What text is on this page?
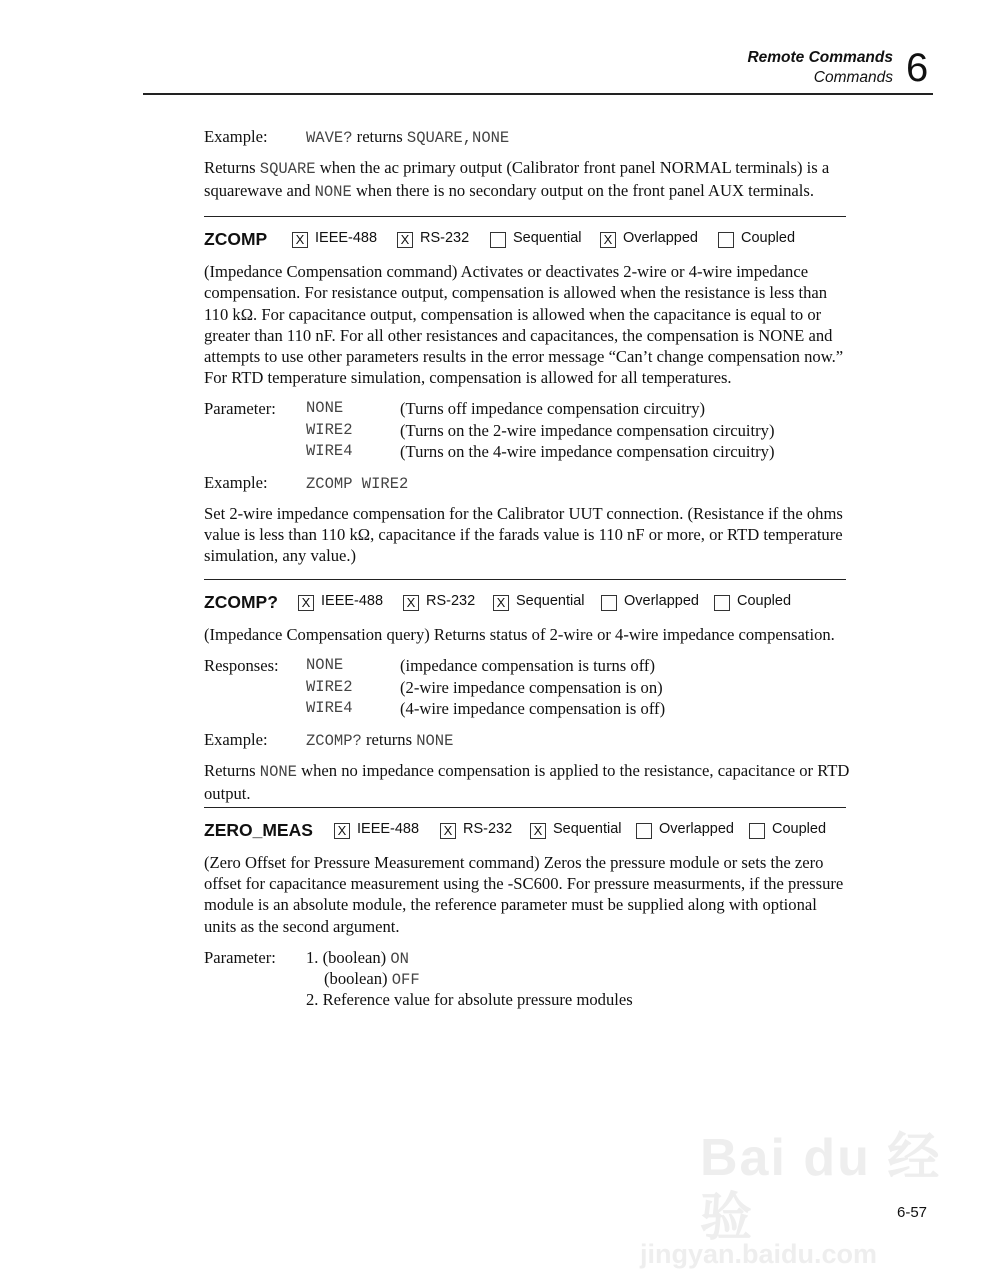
Remote Commands
Commands 6
Bai du 经验
jingyan.baidu.com
Example: WAVE? returns SQUARE,NONE
Returns SQUARE when the ac primary output (Calibrator front panel NORMAL terminals) is a squarewave and NONE when there is no secondary output on the front panel AUX terminals.
ZCOMP X IEEE-488 X RS-232	Sequential X Overlapped	Coupled
(Impedance Compensation command) Activates or deactivates 2-wire or 4-wire impedance compensation. For resistance output, compensation is allowed when the resistance is less than 110 kΩ. For capacitance output, compensation is allowed when the capacitance is equal to or greater than 110 nF. For all other resistances and capacitances, the compensation is NONE and attempts to use other parameters results in the error message “Can’t change compensation now.” For RTD temperature simulation, compensation is allowed for all temperatures.
Parameter: NONE	(Turns off impedance compensation circuitry)
WIRE2	(Turns on the 2-wire impedance compensation circuitry)
WIRE4	(Turns on the 4-wire impedance compensation circuitry)
Example: ZCOMP WIRE2
Set 2-wire impedance compensation for the Calibrator UUT connection. (Resistance if the ohms value is less than 110 kΩ, capacitance if the farads value is 110 nF or more, or RTD temperature simulation, any value.)
ZCOMP? X IEEE-488 X RS-232 X Sequential	Overlapped	Coupled
(Impedance Compensation query) Returns status of 2-wire or 4-wire impedance compensation.
Responses: NONE	(impedance compensation is turns off)
WIRE2	(2-wire impedance compensation is on)
WIRE4	(4-wire impedance compensation is off)
Example: ZCOMP? returns NONE
Returns NONE when no impedance compensation is applied to the resistance, capacitance or RTD output.
ZERO_MEAS X IEEE-488 X RS-232 X Sequential	Overlapped	Coupled
(Zero Offset for Pressure Measurement command) Zeros the pressure module or sets the zero offset for capacitance measurement using the -SC600. For pressure measurments, if the pressure module is an absolute module, the reference parameter must be supplied along with optional units as the second argument.
Parameter: 1. (boolean) ON
(boolean) OFF
2. Reference value for absolute pressure modules
6-57
